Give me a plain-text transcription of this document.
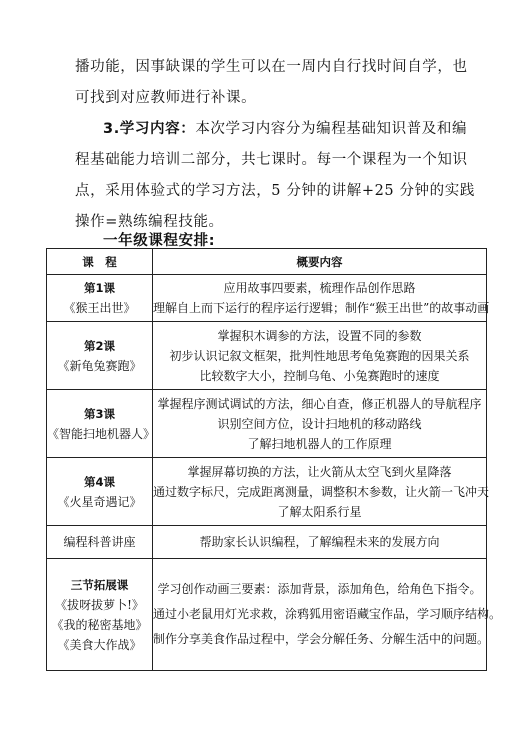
播功能，因事缺课的学生可以在一周内自行找时间自学，也
可找到对应教师进行补课。
3.学习内容：本次学习内容分为编程基础知识普及和编
程基础能力培训二部分，共七课时。每一个课程为一个知识
点，采用体验式的学习方法，5 分钟的讲解+25 分钟的实践
操作=熟练编程技能。
一年级课程安排:
课　程	概要内容

第1课
《猴王出世》	应用故事四要素，梳理作品创作思路
理解自上而下运行的程序运行逻辑；制作“猴王出世”的故事动画

第2课
《新龟兔赛跑》	掌握积木调参的方法，设置不同的参数
初步认识记叙文框架，批判性地思考龟兔赛跑的因果关系
比较数字大小，控制乌龟、小兔赛跑时的速度

第3课
《智能扫地机器人》	掌握程序测试调试的方法，细心自查，修正机器人的导航程序
识别空间方位，设计扫地机的移动路线
了解扫地机器人的工作原理

第4课
《火星奇遇记》	掌握屏幕切换的方法，让火箭从太空飞到火星降落
通过数字标尺，完成距离测量，调整积木参数，让火箭一飞冲天
了解太阳系行星

编程科普讲座	帮助家长认识编程，了解编程未来的发展方向

三节拓展课
《拔呀拔萝卜!》
《我的秘密基地》
《美食大作战》	学习创作动画三要素：添加背景，添加角色，给角色下指令。
通过小老鼠用灯光求救，涂鸦狐用密语藏宝作品，学习顺序结构。
制作分享美食作品过程中，学会分解任务、分解生活中的问题。
